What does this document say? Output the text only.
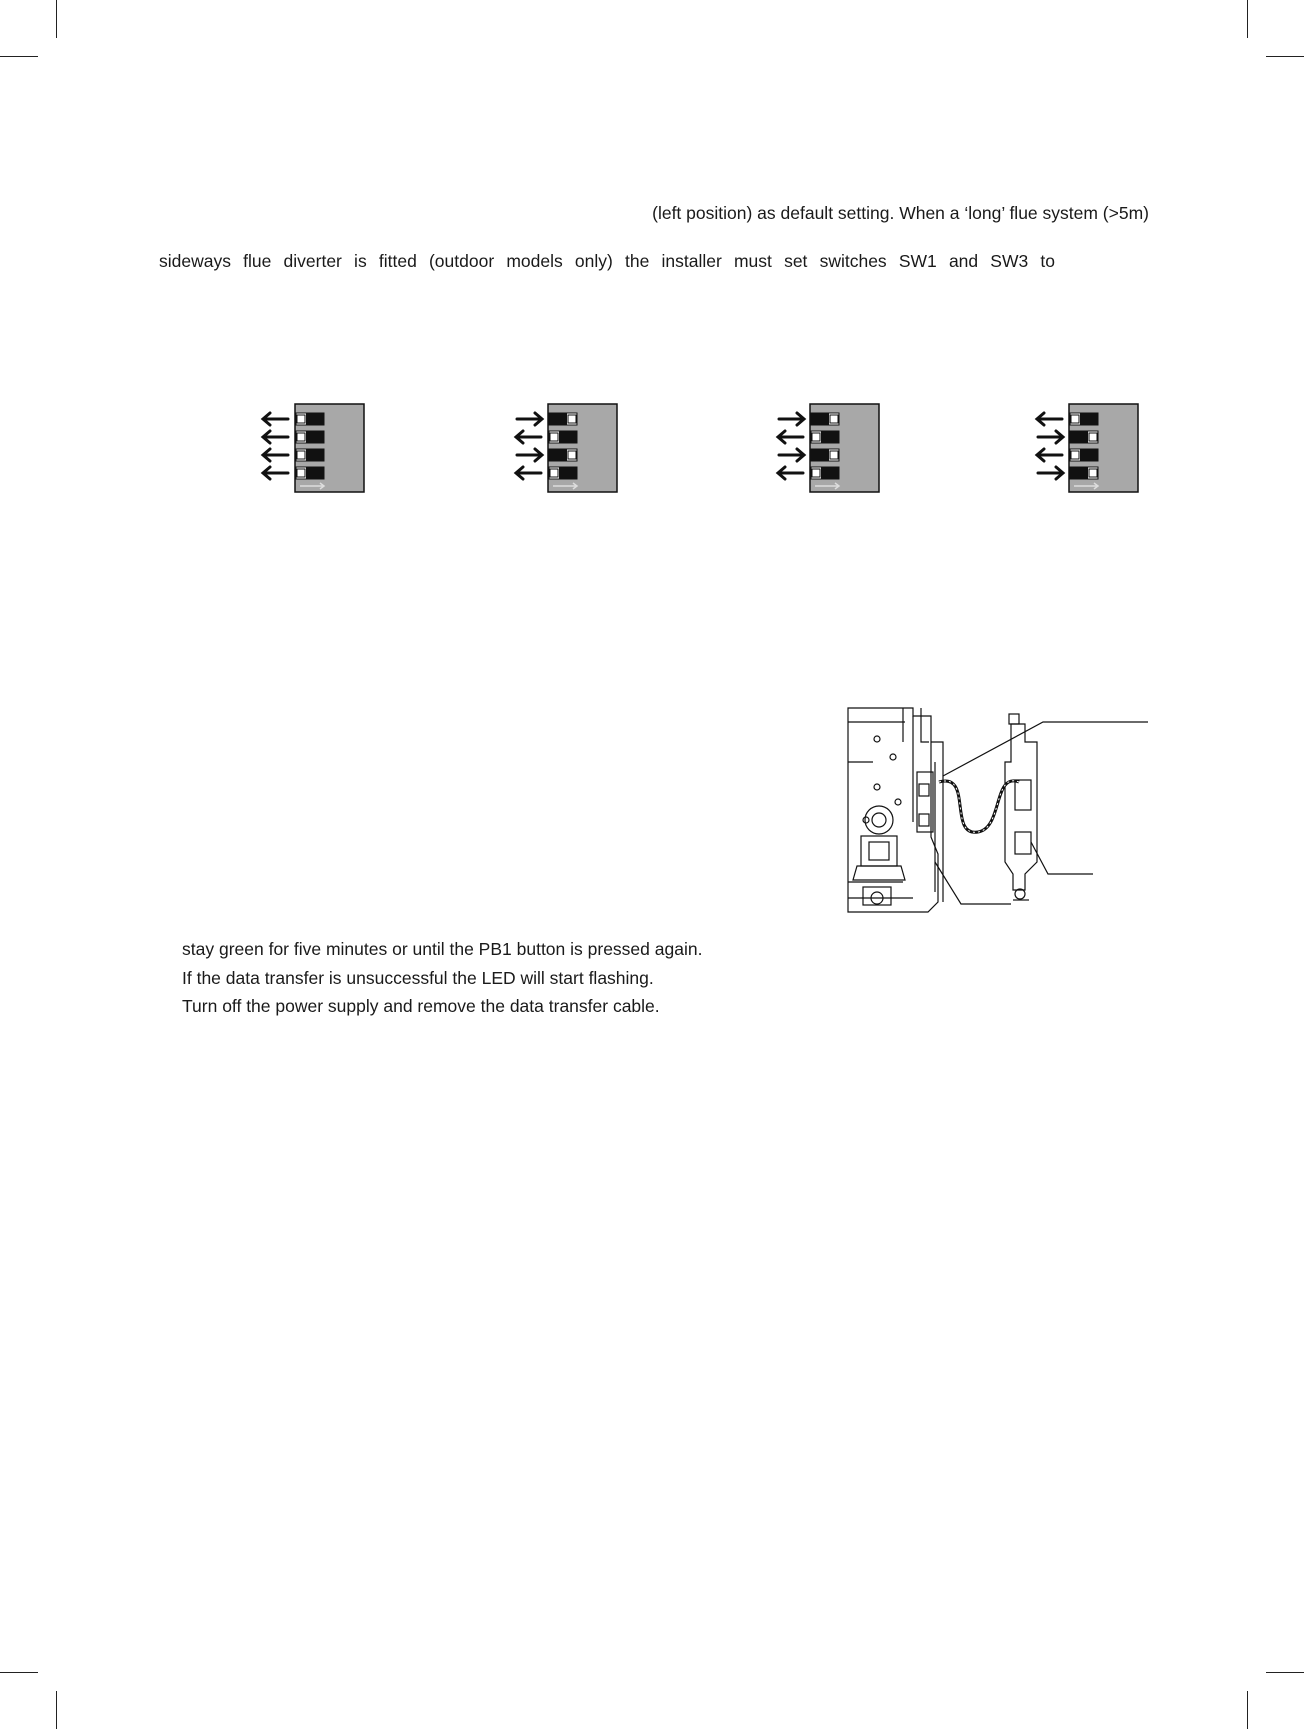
(left position) as default setting. When a ‘long’ flue system (>5m)
sideways flue diverter is fitted (outdoor models only) the installer must set switches SW1 and SW3 to
stay green for five minutes or until the PB1 button is pressed again.
If the data transfer is unsuccessful the LED will start flashing.
Turn off the power supply and remove the data transfer cable.
